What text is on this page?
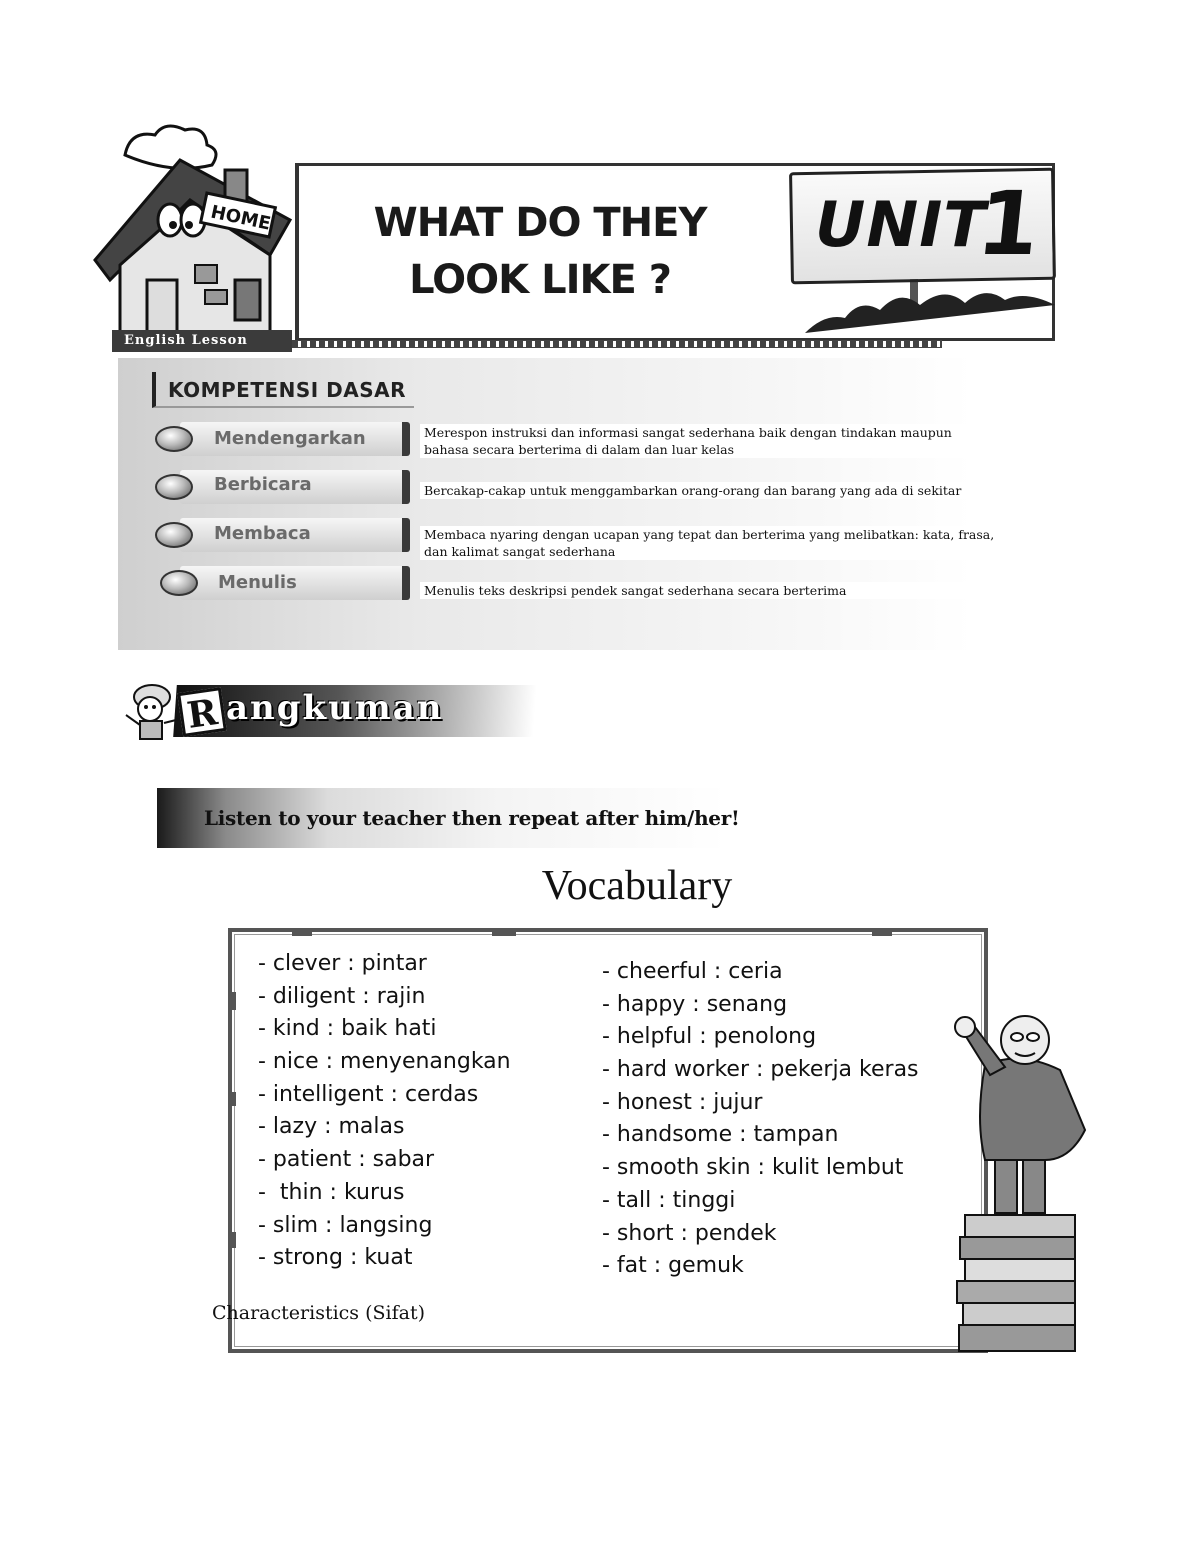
HOME
English Lesson
WHAT DO THEY
LOOK LIKE ?
UNIT
1
KOMPETENSI DASAR
Mendengarkan	Merespon instruksi dan informasi sangat sederhana baik dengan tindakan maupun bahasa secara berterima di dalam dan luar kelas
Berbicara	Bercakap-cakap untuk menggambarkan orang-orang dan barang yang ada di sekitar
Membaca	Membaca nyaring dengan ucapan yang tepat dan berterima yang melibatkan: kata, frasa, dan kalimat sangat sederhana
Menulis	Menulis teks deskripsi pendek sangat sederhana secara berterima
R angkuman
Listen to your teacher then repeat after him/her!
Vocabulary
- clever : pintar
- diligent : rajin
- kind : baik hati
- nice : menyenangkan
- intelligent : cerdas
- lazy : malas
- patient : sabar
-  thin : kurus
- slim : langsing
- strong : kuat
- cheerful : ceria
- happy : senang
- helpful : penolong
- hard worker : pekerja keras
- honest : jujur
- handsome : tampan
- smooth skin : kulit lembut
- tall : tinggi
- short : pendek
- fat : gemuk
Characteristics (Sifat)
